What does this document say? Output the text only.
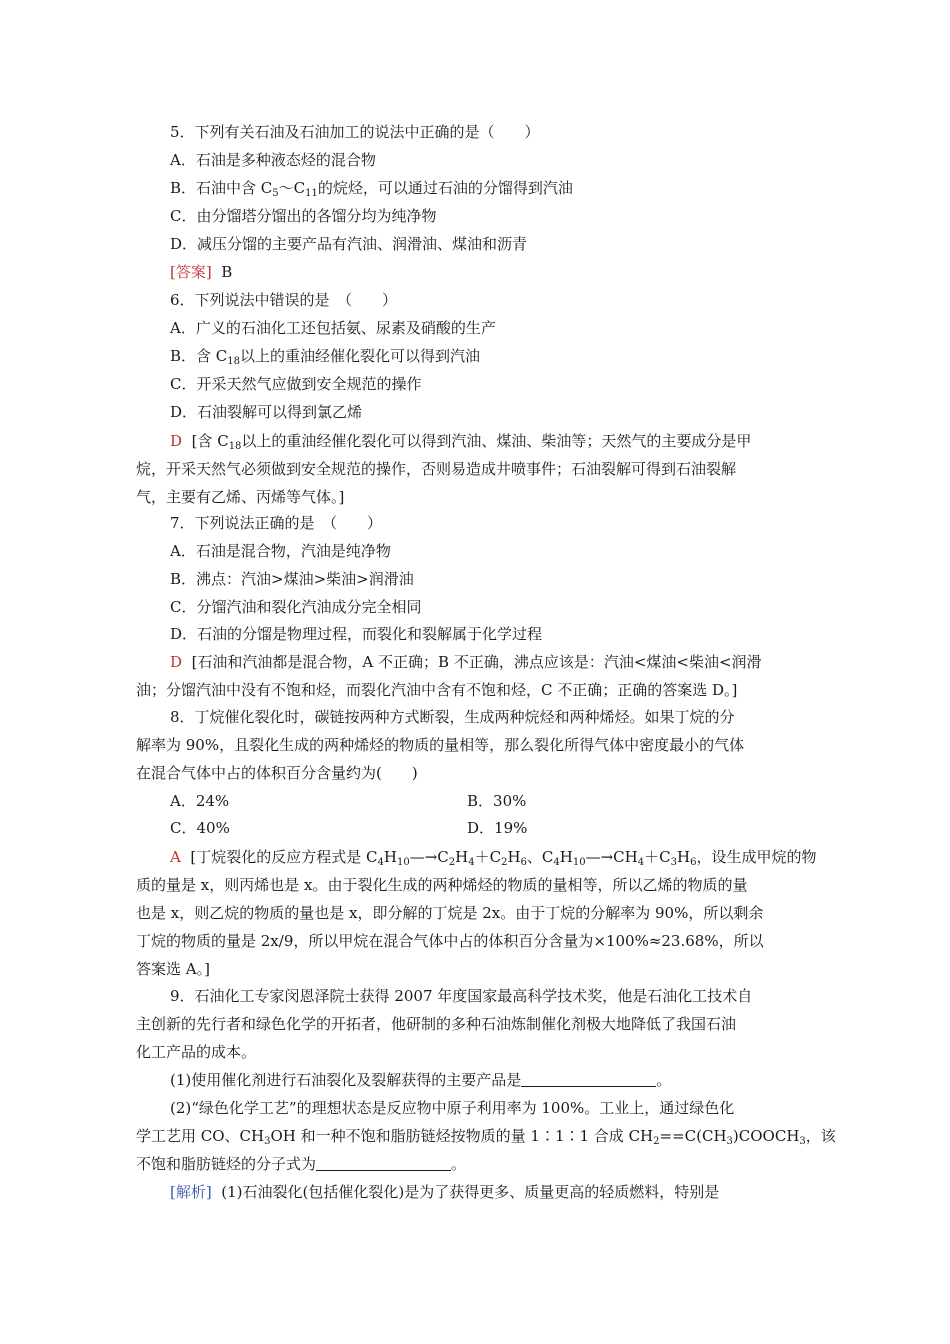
5．下列有关石油及石油加工的说法中正确的是（　　）
A．石油是多种液态烃的混合物
B．石油中含 $C_5\sim C_{11}$的烷烃，可以通过石油的分馏得到汽油
C．由分馏塔分馏出的各馏分均为纯净物
D．减压分馏的主要产品有汽油、润滑油、煤油和沥青
[答案] B
6．下列说法中错误的是　（　　）
A．广义的石油化工还包括氨、尿素及硝酸的生产
B．含 $C_{18}$以上的重油经催化裂化可以得到汽油
C．开采天然气应做到安全规范的操作
D．石油裂解可以得到氯乙烯
D [含 $C_{18}$以上的重油经催化裂化可以得到汽油、煤油、柴油等；天然气的主要成分是甲
烷，开采天然气必须做到安全规范的操作，否则易造成井喷事件；石油裂解可得到石油裂解
气，主要有乙烯、丙烯等气体。]
7．下列说法正确的是　（　　）
A．石油是混合物，汽油是纯净物
B．沸点：汽油>煤油>柴油>润滑油
C．分馏汽油和裂化汽油成分完全相同
D．石油的分馏是物理过程，而裂化和裂解属于化学过程
D [石油和汽油都是混合物，A 不正确；B 不正确，沸点应该是：汽油<煤油<柴油<润滑
油；分馏汽油中没有不饱和烃，而裂化汽油中含有不饱和烃，C 不正确；正确的答案选 D。]
8．丁烷催化裂化时，碳链按两种方式断裂，生成两种烷烃和两种烯烃。如果丁烷的分
解率为 90%，且裂化生成的两种烯烃的物质的量相等，那么裂化所得气体中密度最小的气体
在混合气体中占的体积百分含量约为(　　)
A．24%	B．30%
C．40%	D．19%
A [丁烷裂化的反应方程式是 $C_4H_{10}—\to C_2H_4+C_2H_6$、$C_4H_{10}—\to CH_4+C_3H_6$，设生成甲烷的物
质的量是 x，则丙烯也是 x。由于裂化生成的两种烯烃的物质的量相等，所以乙烯的物质的量
也是 x，则乙烷的物质的量也是 x，即分解的丁烷是 2x。由于丁烷的分解率为 90%，所以剩余
丁烷的物质的量是 2x/9，所以甲烷在混合气体中占的体积百分含量为×100%≈23.68%，所以
答案选 A。]
9．石油化工专家闵恩泽院士获得 2007 年度国家最高科学技术奖，他是石油化工技术自
主创新的先行者和绿色化学的开拓者，他研制的多种石油炼制催化剂极大地降低了我国石油
化工产品的成本。
(1)使用催化剂进行石油裂化及裂解获得的主要产品是	。
(2)“绿色化学工艺”的理想状态是反应物中原子利用率为 100%。工业上，通过绿色化
学工艺用 CO、$CH_3OH$ 和一种不饱和脂肪链烃按物质的量 1∶1∶1 合成 $CH_2==C(CH_3)COOCH_3$，该
不饱和脂肪链烃的分子式为	。
[解析] (1)石油裂化(包括催化裂化)是为了获得更多、质量更高的轻质燃料，特别是
